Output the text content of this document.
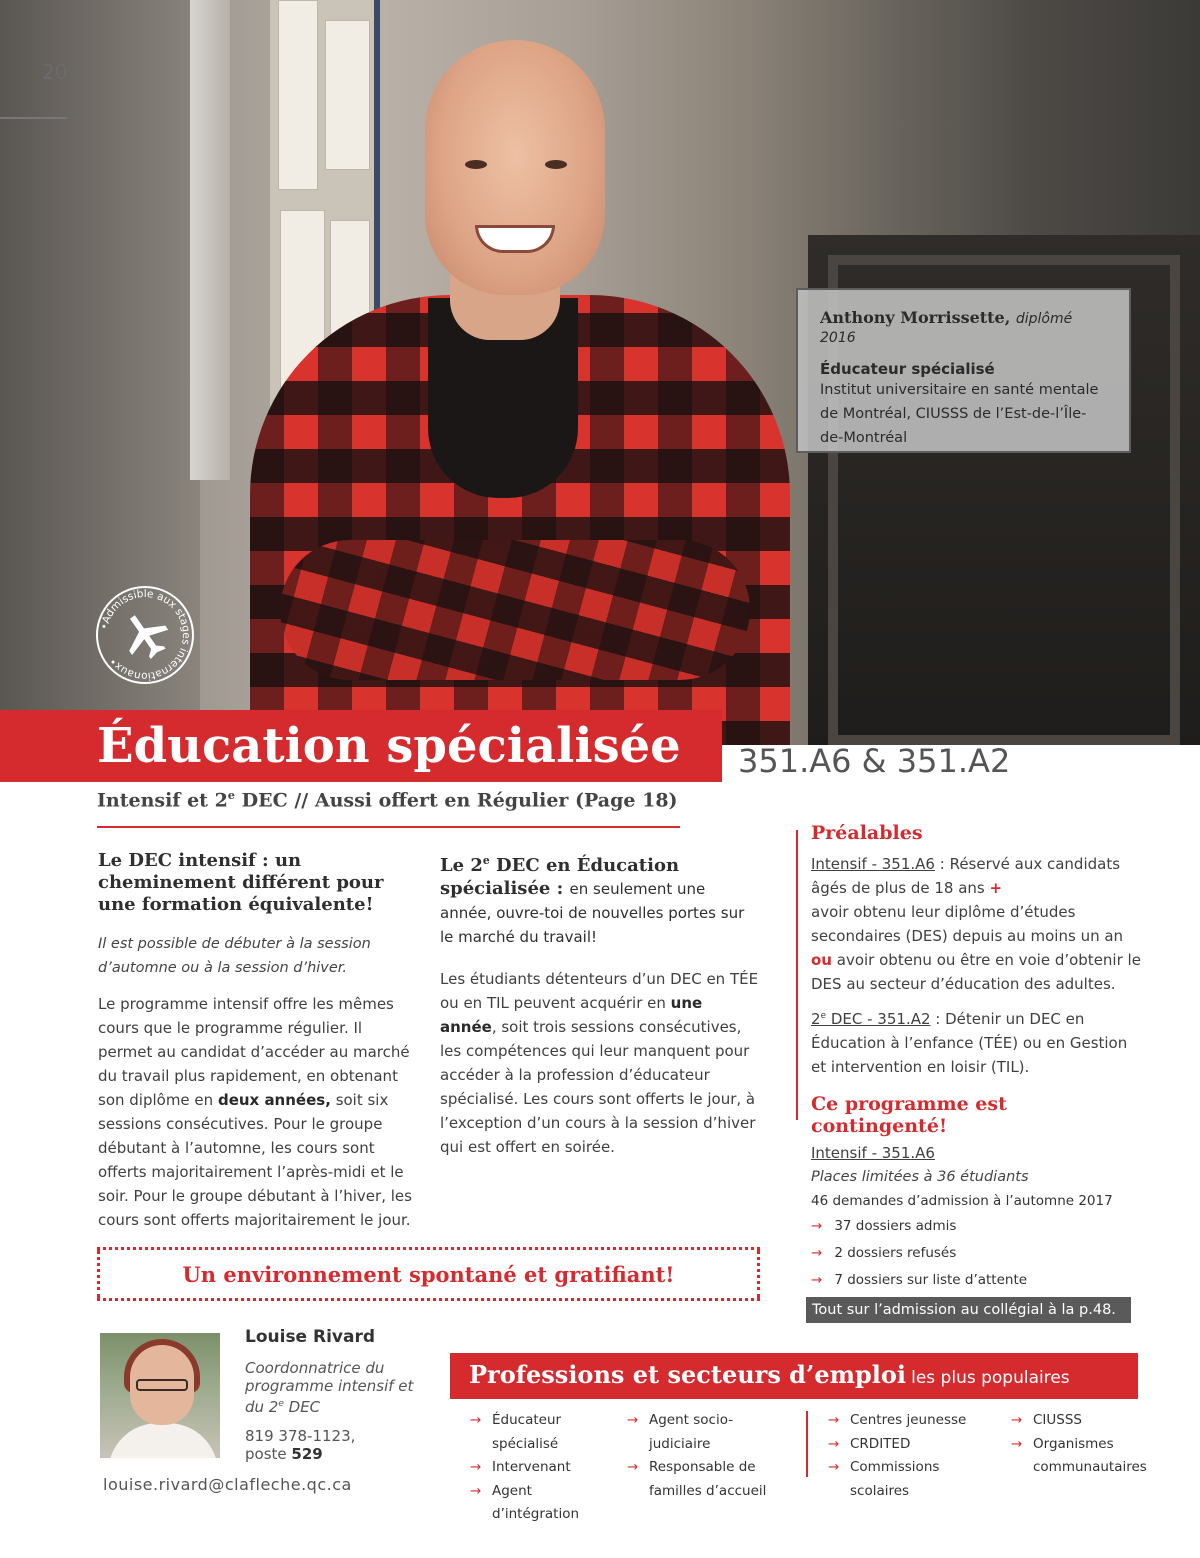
20
Anthony Morrissette, diplômé 2016
Éducateur spécialisé
Institut universitaire en santé mentale de Montréal, CIUSSS de l’Est-de-l’Île-de-Montréal
•Admissible aux stages internationaux•
Éducation spécialisée 351.A6 & 351.A2
Intensif et 2e DEC // Aussi offert en Régulier (Page 18)
Le DEC intensif : un cheminement différent pour une formation équivalente!
Il est possible de débuter à la session d’automne ou à la session d’hiver.
Le programme intensif offre les mêmes cours que le programme régulier. Il permet au candidat d’accéder au marché du travail plus rapidement, en obtenant son diplôme en deux années, soit six sessions consécutives. Pour le groupe débutant à l’automne, les cours sont offerts majoritairement l’après-midi et le soir. Pour le groupe débutant à l’hiver, les cours sont offerts majoritairement le jour.
Le 2e DEC en Éducation spécialisée : en seulement une année, ouvre-toi de nouvelles portes sur le marché du travail!
Les étudiants détenteurs d’un DEC en TÉE ou en TIL peuvent acquérir en une année, soit trois sessions consécutives, les compétences qui leur manquent pour accéder à la profession d’éducateur spécialisé. Les cours sont offerts le jour, à l’exception d’un cours à la session d’hiver qui est offert en soirée.
Préalables
Intensif - 351.A6 : Réservé aux candidats âgés de plus de 18 ans +
avoir obtenu leur diplôme d’études secondaires (DES) depuis au moins un an ou avoir obtenu ou être en voie d’obtenir le DES au secteur d’éducation des adultes.
2e DEC - 351.A2 : Détenir un DEC en Éducation à l’enfance (TÉE) ou en Gestion et intervention en loisir (TIL).
Ce programme est contingenté!
Intensif - 351.A6
Places limitées à 36 étudiants
46 demandes d’admission à l’automne 2017
→ 37 dossiers admis
→ 2 dossiers refusés
→ 7 dossiers sur liste d’attente
Tout sur l’admission au collégial à la p.48.
Un environnement spontané et gratifiant!
Louise Rivard
Coordonnatrice du programme intensif et du 2e DEC
819 378-1123,
poste 529
louise.rivard@clafleche.qc.ca
Professions et secteurs d’emploi les plus populaires
→ Éducateur spécialisé
→ Intervenant
→ Agent d’intégration
→ Agent socio-judiciaire
→ Responsable de familles d’accueil
→ Centres jeunesse
→ CRDITED
→ Commissions scolaires
→ CIUSSS
→ Organismes communautaires
